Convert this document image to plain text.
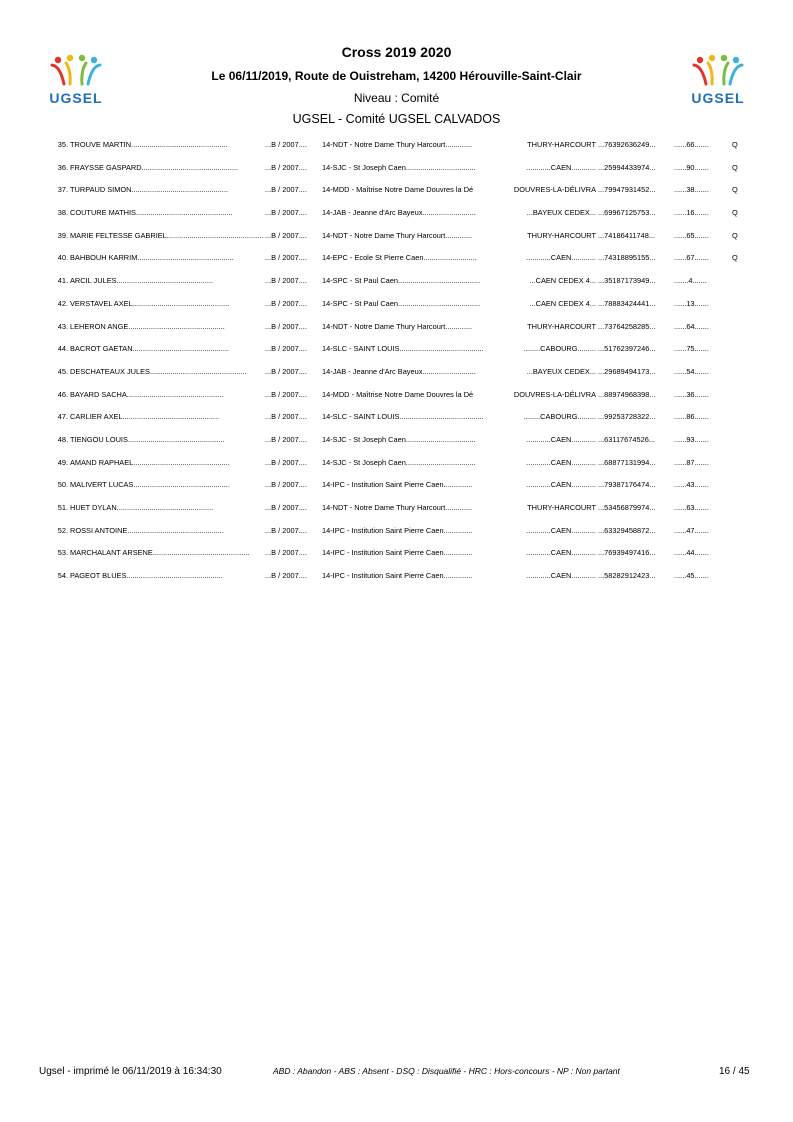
UGSEL	UGSEL
Cross 2019 2020
Le 06/11/2019, Route de Ouistreham, 14200 Hérouville-Saint-Clair
Niveau : Comité
UGSEL - Comité UGSEL CALVADOS
35. TROUVE MARTIN...............................................	...B / 2007....	14-NDT - Notre Dame Thury Harcourt.............	THURY-HARCOURT ...76392636249...	......66.......	Q
36. FRAYSSE GASPARD...............................................	...B / 2007....	14-SJC - St Joseph Caen..................................	............CAEN............ ...25994433974...	......90.......	Q
37. TURPAUD SIMON...............................................	...B / 2007....	14-MDD - Maîtrise Notre Dame Douvres la Dé	DOUVRES-LA-DÉLIVRA ...79947931452...	......38.......	Q
38. COUTURE MATHIS...............................................	...B / 2007....	14-JAB - Jeanne d'Arc Bayeux..........................	...BAYEUX CEDEX... ...69967125753...	......16.......	Q
39. MARIE FELTESSE GABRIEL............................................... ...B / 2007....	14-NDT - Notre Dame Thury Harcourt.............	THURY-HARCOURT ...74186411748...	......65.......	Q
40. BAHBOUH KARRIM...............................................	...B / 2007....	14-EPC - Ecole St Pierre Caen..........................	............CAEN............ ...74318895155...	......67.......	Q
41. ARCIL JULES...............................................	...B / 2007....	14-SPC - St Paul Caen........................................	...CAEN CEDEX 4... ...35187173949...	.......4.......
42. VERSTAVEL AXEL...............................................	...B / 2007....	14-SPC - St Paul Caen........................................	...CAEN CEDEX 4... ...78883424441...	......13.......
43. LEHERON ANGE...............................................	...B / 2007....	14-NDT - Notre Dame Thury Harcourt.............	THURY-HARCOURT ...73764258285...	......64.......
44. BACROT GAETAN...............................................	...B / 2007....	14-SLC - SAINT LOUIS.........................................	........CABOURG......... ...51762397246...	......75.......
45. DESCHATEAUX JULES...............................................	...B / 2007....	14-JAB - Jeanne d'Arc Bayeux..........................	...BAYEUX CEDEX... ...29689494173...	......54.......
46. BAYARD SACHA...............................................	...B / 2007....	14-MDD - Maîtrise Notre Dame Douvres la Dé	DOUVRES-LA-DÉLIVRA ...88974968398...	......36.......
47. CARLIER AXEL...............................................	...B / 2007....	14-SLC - SAINT LOUIS.........................................	........CABOURG......... ...99253728322...	......86.......
48. TIENGOU LOUIS...............................................	...B / 2007....	14-SJC - St Joseph Caen..................................	............CAEN............ ...63117674526...	......93.......
49. AMAND RAPHAEL...............................................	...B / 2007....	14-SJC - St Joseph Caen..................................	............CAEN............ ...68877131994...	......87.......
50. MALIVERT LUCAS...............................................	...B / 2007....	14-IPC - Institution Saint Pierre Caen..............	............CAEN............ ...79387176474...	......43.......
51. HUET DYLAN...............................................	...B / 2007....	14-NDT - Notre Dame Thury Harcourt.............	THURY-HARCOURT ...53456879974...	......63.......
52. ROSSI ANTOINE...............................................	...B / 2007....	14-IPC - Institution Saint Pierre Caen..............	............CAEN............ ...63329458872...	......47.......
53. MARCHALANT ARSENE...............................................	...B / 2007....	14-IPC - Institution Saint Pierre Caen..............	............CAEN............ ...76939497416...	......44.......
54. PAGEOT BLUES...............................................	...B / 2007....	14-IPC - Institution Saint Pierre Caen..............	............CAEN............ ...58282912423...	......45.......
Ugsel - imprimé le 06/11/2019 à 16:34:30	ABD : Abandon - ABS : Absent - DSQ : Disqualifié - HRC : Hors-concours - NP : Non partant	16 / 45
